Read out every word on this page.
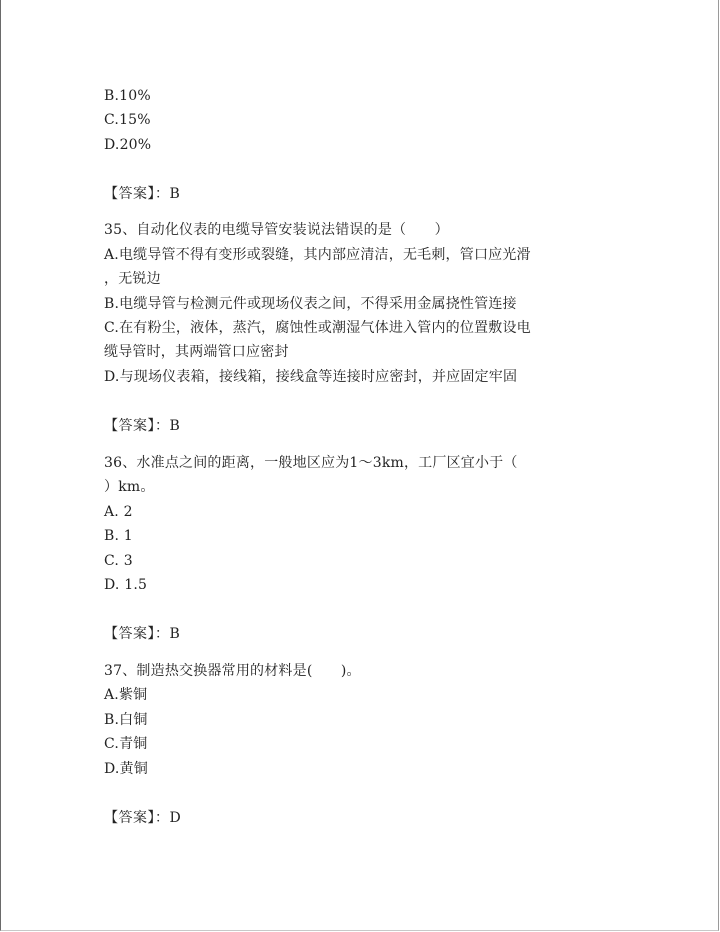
B.10%
C.15%
D.20%
【答案】：B
35、自动化仪表的电缆导管安装说法错误的是（　　）
A.电缆导管不得有变形或裂缝，其内部应清洁，无毛刺，管口应光滑
，无锐边
B.电缆导管与检测元件或现场仪表之间，不得采用金属挠性管连接
C.在有粉尘，液体，蒸汽，腐蚀性或潮湿气体进入管内的位置敷设电
缆导管时，其两端管口应密封
D.与现场仪表箱，接线箱，接线盒等连接时应密封，并应固定牢固
【答案】：B
36、水准点之间的距离，一般地区应为1～3km，工厂区宜小于（
）km。
A. 2
B. 1
C. 3
D. 1.5
【答案】：B
37、制造热交换器常用的材料是(　　)。
A.紫铜
B.白铜
C.青铜
D.黄铜
【答案】：D
